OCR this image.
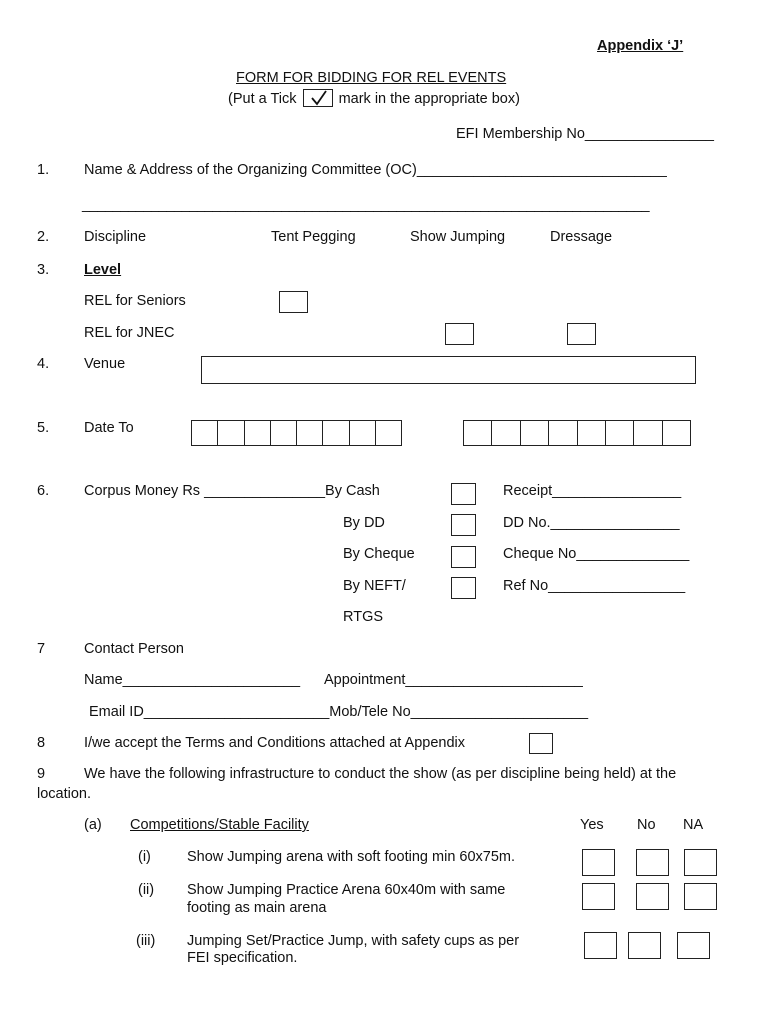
Appendix ‘J’
FORM FOR BIDDING FOR REL EVENTS
(Put a Tick	mark in the appropriate box)
EFI Membership No________________
1. Name & Address of the Organizing Committee (OC)_______________________________
__________________________________________________________________________
2. Discipline	Tent Pegging	Show Jumping	Dressage
3. Level
REL for Seniors
REL for JNEC
4. Venue
5. Date To
6. Corpus Money Rs _______________By Cash	Receipt________________
By DD	DD No.________________
By Cheque	Cheque No______________
By NEFT/	Ref No_________________
RTGS
7	Contact Person
Name______________________ Appointment______________________
Email ID_______________________Mob/Tele No______________________
8	I/we accept the Terms and Conditions attached at Appendix
9	We have the following infrastructure to conduct the show (as per discipline being held) at the
location.
(a) Competitions/Stable Facility	Yes No NA
(i) Show Jumping arena with soft footing min 60x75m.
(ii) Show Jumping Practice Arena 60x40m with same
footing as main arena
(iii) Jumping Set/Practice Jump, with safety cups as per
FEI specification.
